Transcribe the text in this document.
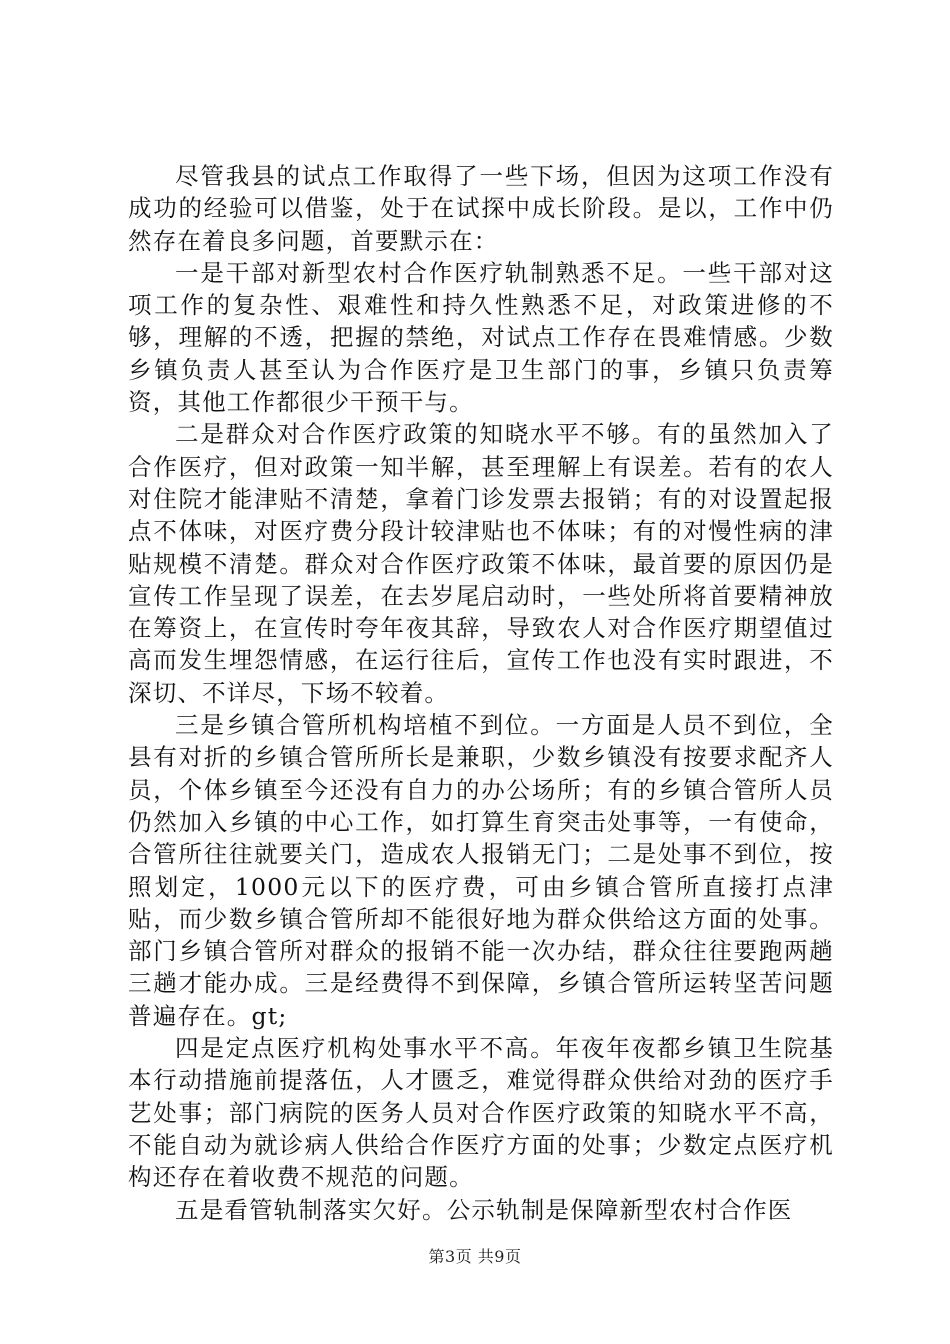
尽管我县的试点工作取得了一些下场，但因为这项工作没有成功的经验可以借鉴，处于在试探中成长阶段。是以，工作中仍然存在着良多问题，首要默示在：

一是干部对新型农村合作医疗轨制熟悉不足。一些干部对这项工作的复杂性、艰难性和持久性熟悉不足，对政策进修的不够，理解的不透，把握的禁绝，对试点工作存在畏难情感。少数乡镇负责人甚至认为合作医疗是卫生部门的事，乡镇只负责筹资，其他工作都很少干预干与。

二是群众对合作医疗政策的知晓水平不够。有的虽然加入了合作医疗，但对政策一知半解，甚至理解上有误差。若有的农人对住院才能津贴不清楚，拿着门诊发票去报销；有的对设置起报点不体味，对医疗费分段计较津贴也不体味；有的对慢性病的津贴规模不清楚。群众对合作医疗政策不体味，最首要的原因仍是宣传工作呈现了误差，在去岁尾启动时，一些处所将首要精神放在筹资上，在宣传时夸年夜其辞，导致农人对合作医疗期望值过高而发生埋怨情感，在运行往后，宣传工作也没有实时跟进，不深切、不详尽，下场不较着。

三是乡镇合管所机构培植不到位。一方面是人员不到位，全县有对折的乡镇合管所所长是兼职，少数乡镇没有按要求配齐人员，个体乡镇至今还没有自力的办公场所；有的乡镇合管所人员仍然加入乡镇的中心工作，如打算生育突击处事等，一有使命，合管所往往就要关门，造成农人报销无门；二是处事不到位，按照划定，1000元以下的医疗费，可由乡镇合管所直接打点津贴，而少数乡镇合管所却不能很好地为群众供给这方面的处事。部门乡镇合管所对群众的报销不能一次办结，群众往往要跑两趟三趟才能办成。三是经费得不到保障，乡镇合管所运转坚苦问题普遍存在。gt;

四是定点医疗机构处事水平不高。年夜年夜都乡镇卫生院基本行动措施前提落伍，人才匮乏，难觉得群众供给对劲的医疗手艺处事；部门病院的医务人员对合作医疗政策的知晓水平不高，不能自动为就诊病人供给合作医疗方面的处事；少数定点医疗机构还存在着收费不规范的问题。

五是看管轨制落实欠好。公示轨制是保障新型农村合作医

第3页 共9页
